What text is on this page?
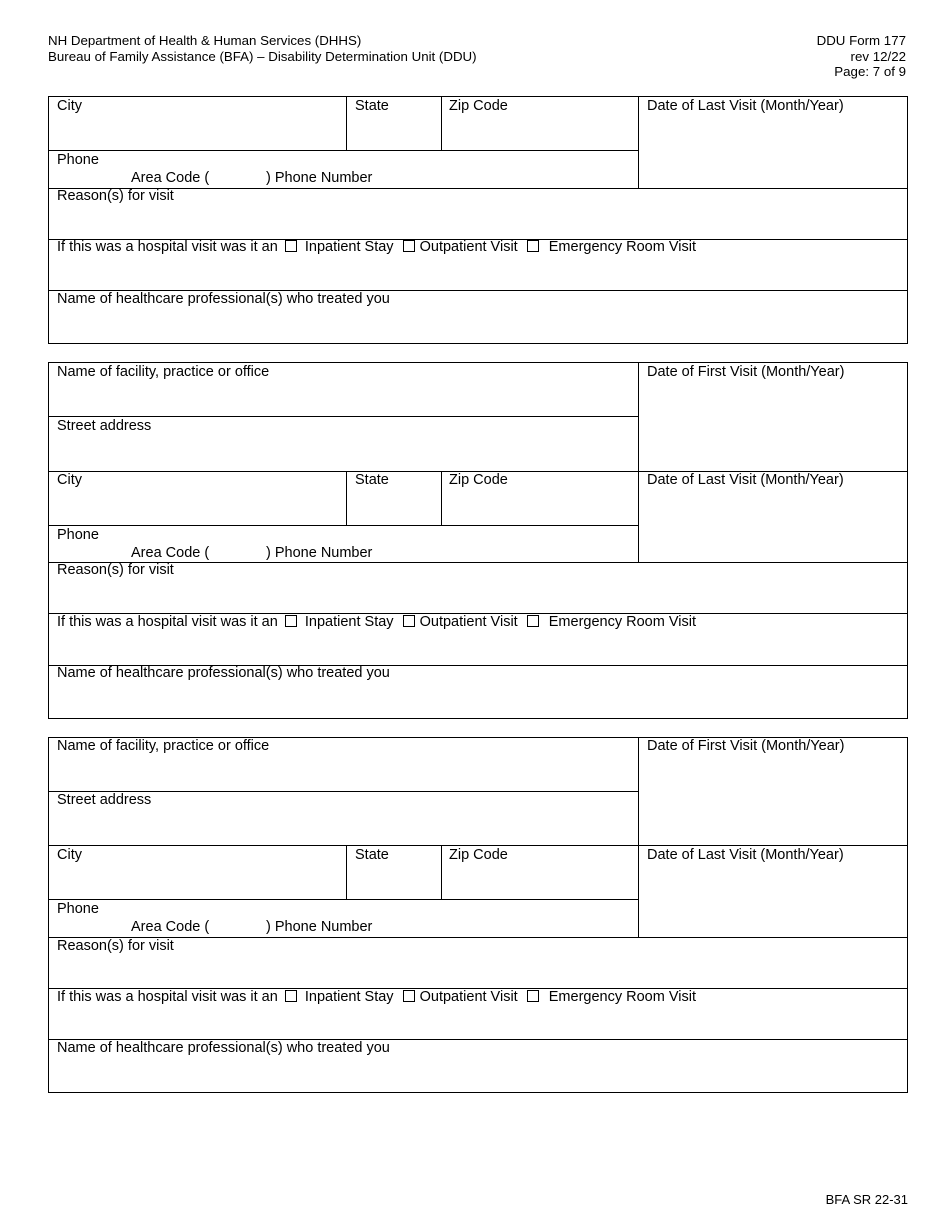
NH Department of Health & Human Services (DHHS)
Bureau of Family Assistance (BFA) – Disability Determination Unit (DDU)
DDU Form 177
rev 12/22
Page: 7 of 9
City	State	Zip Code	Date of Last Visit (Month/Year)
Phone
Area Code (	) Phone Number
Reason(s) for visit
If this was a hospital visit was it an Inpatient Stay Outpatient Visit Emergency Room Visit
Name of healthcare professional(s) who treated you
Name of facility, practice or office	Date of First Visit (Month/Year)
Street address
City	State	Zip Code	Date of Last Visit (Month/Year)
Phone
Area Code (	) Phone Number
Reason(s) for visit
If this was a hospital visit was it an Inpatient Stay Outpatient Visit Emergency Room Visit
Name of healthcare professional(s) who treated you
Name of facility, practice or office	Date of First Visit (Month/Year)
Street address
City	State	Zip Code	Date of Last Visit (Month/Year)
Phone
Area Code (	) Phone Number
Reason(s) for visit
If this was a hospital visit was it an Inpatient Stay Outpatient Visit Emergency Room Visit
Name of healthcare professional(s) who treated you
BFA SR 22-31
